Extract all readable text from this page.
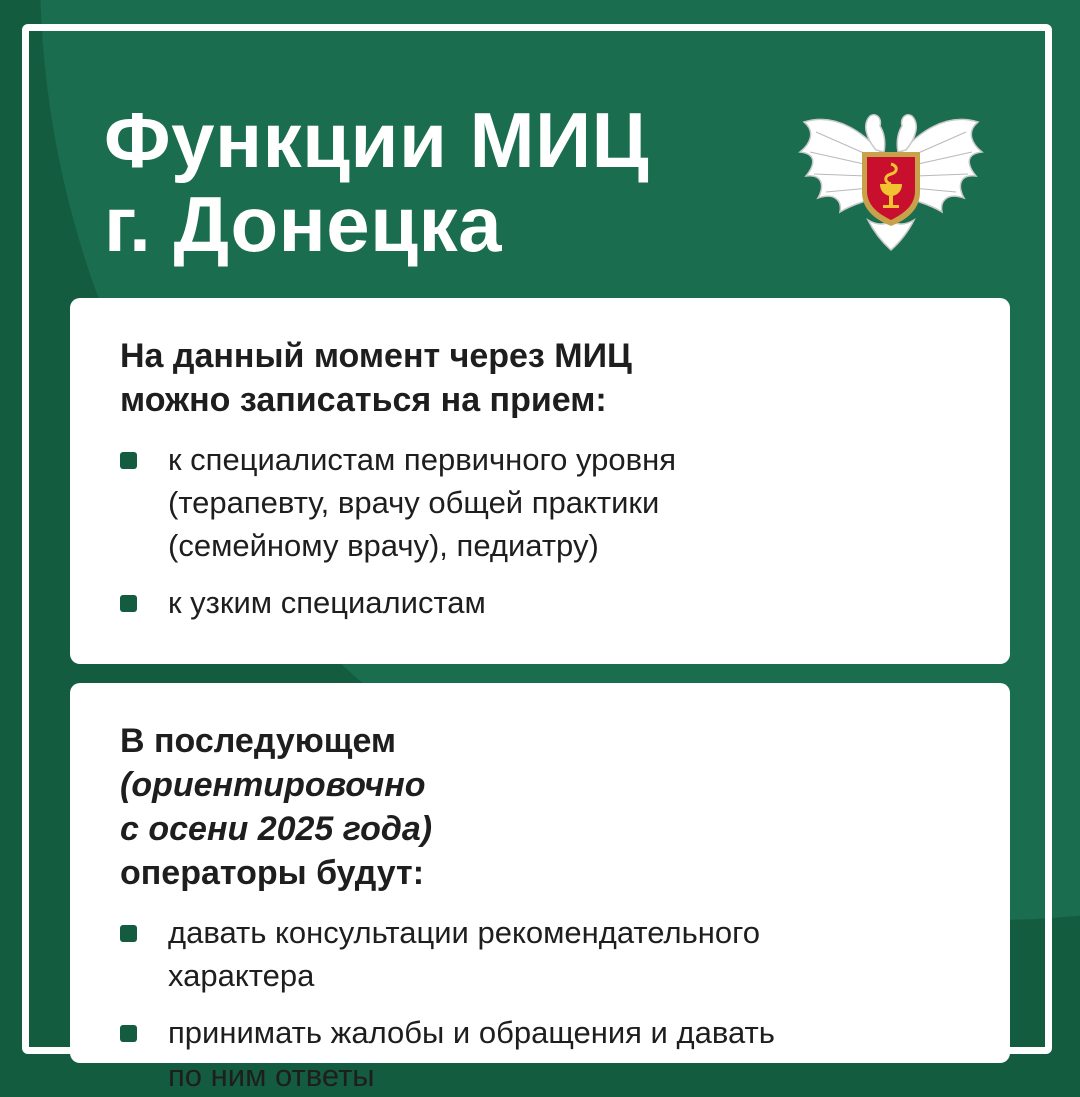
Функции МИЦ
г. Донецка

На данный момент через МИЦ
можно записаться на прием:

к специалистам первичного уровня
(терапевту, врачу общей практики
(семейному врачу), педиатру)
к узким специалистам

В последующем
(ориентировочно
с осени 2025 года)
операторы будут:

давать консультации рекомендательного
характера
принимать жалобы и обращения и давать
по ним ответы
